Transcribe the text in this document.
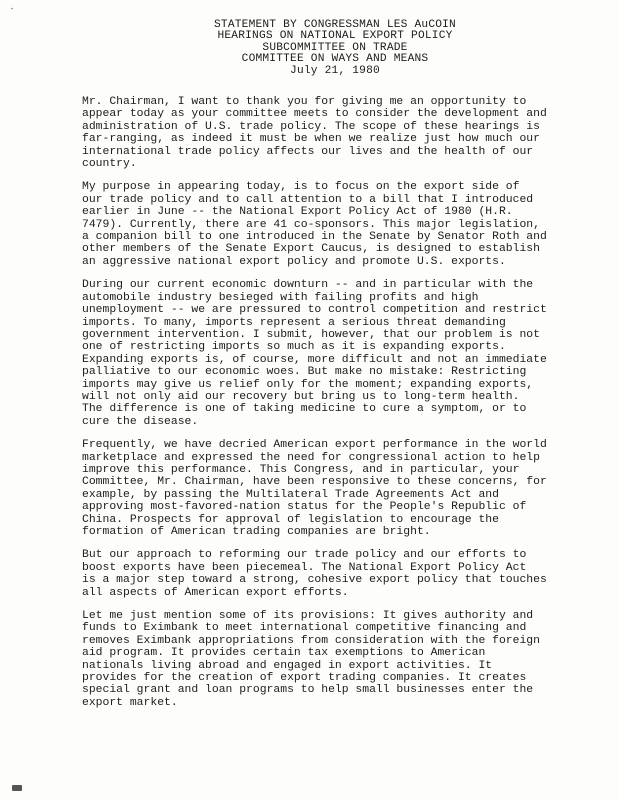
⋆
STATEMENT BY CONGRESSMAN LES AuCOIN
HEARINGS ON NATIONAL EXPORT POLICY
SUBCOMMITTEE ON TRADE
COMMITTEE ON WAYS AND MEANS
July 21, 1980

Mr. Chairman, I want to thank you for giving me an opportunity to
appear today as your committee meets to consider the development and
administration of U.S. trade policy. The scope of these hearings is
far-ranging, as indeed it must be when we realize just how much our
international trade policy affects our lives and the health of our
country.

My purpose in appearing today, is to focus on the export side of
our trade policy and to call attention to a bill that I introduced
earlier in June -- the National Export Policy Act of 1980 (H.R.
7479). Currently, there are 41 co-sponsors. This major legislation,
a companion bill to one introduced in the Senate by Senator Roth and
other members of the Senate Export Caucus, is designed to establish
an aggressive national export policy and promote U.S. exports.

During our current economic downturn -- and in particular with the
automobile industry besieged with failing profits and high
unemployment -- we are pressured to control competition and restrict
imports. To many, imports represent a serious threat demanding
government intervention. I submit, however, that our problem is not
one of restricting imports so much as it is expanding exports.
Expanding exports is, of course, more difficult and not an immediate
palliative to our economic woes. But make no mistake: Restricting
imports may give us relief only for the moment; expanding exports,
will not only aid our recovery but bring us to long-term health.
The difference is one of taking medicine to cure a symptom, or to
cure the disease.

Frequently, we have decried American export performance in the world
marketplace and expressed the need for congressional action to help
improve this performance. This Congress, and in particular, your
Committee, Mr. Chairman, have been responsive to these concerns, for
example, by passing the Multilateral Trade Agreements Act and
approving most-favored-nation status for the People's Republic of
China. Prospects for approval of legislation to encourage the
formation of American trading companies are bright.

But our approach to reforming our trade policy and our efforts to
boost exports have been piecemeal. The National Export Policy Act
is a major step toward a strong, cohesive export policy that touches
all aspects of American export efforts.

Let me just mention some of its provisions: It gives authority and
funds to Eximbank to meet international competitive financing and
removes Eximbank appropriations from consideration with the foreign
aid program. It provides certain tax exemptions to American
nationals living abroad and engaged in export activities. It
provides for the creation of export trading companies. It creates
special grant and loan programs to help small businesses enter the
export market.
